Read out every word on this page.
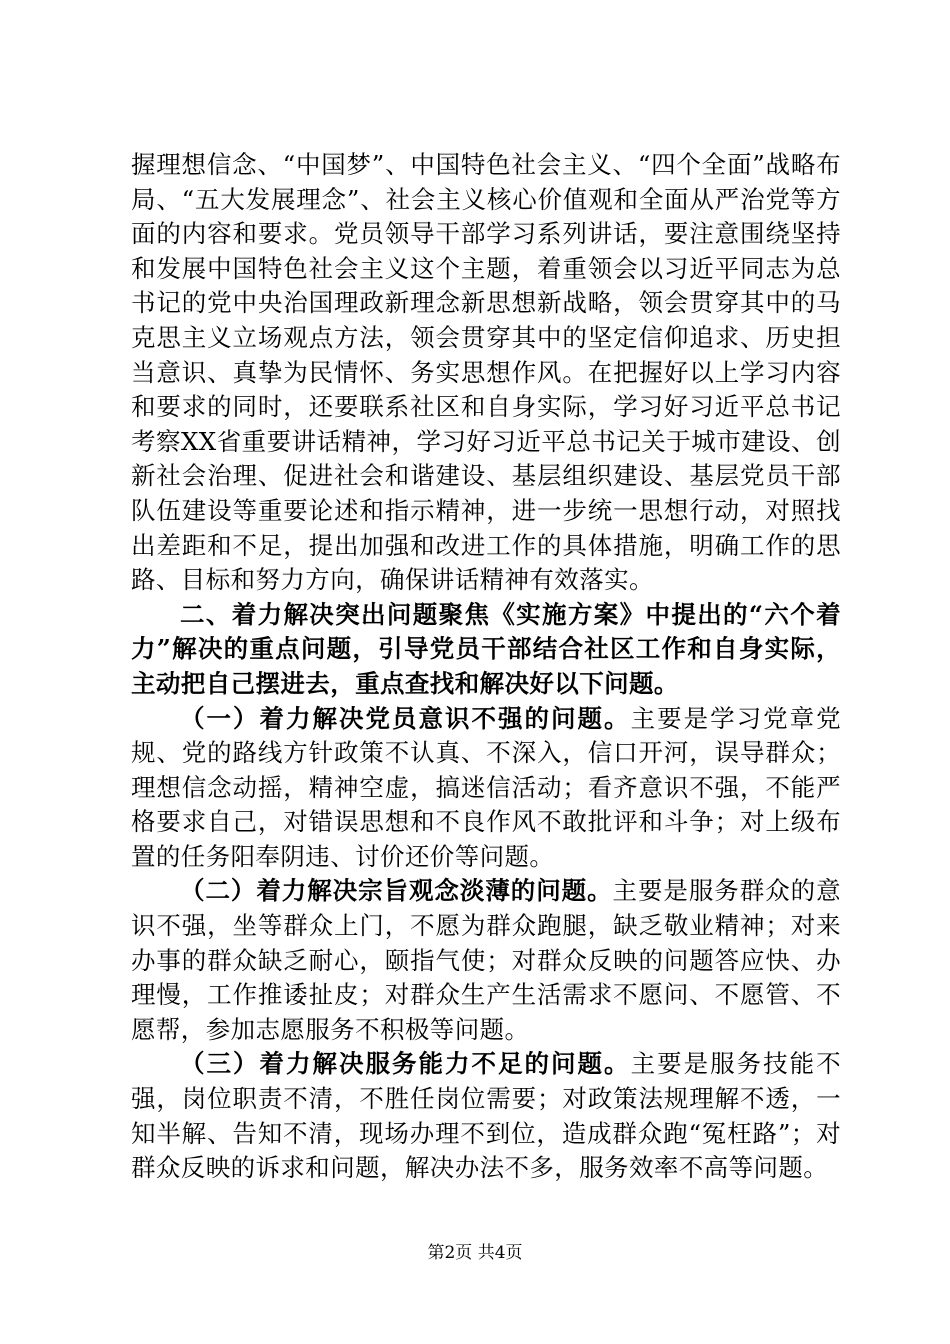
握理想信念、“中国梦”、中国特色社会主义、“四个全面”战略布局、“五大发展理念”、社会主义核心价值观和全面从严治党等方面的内容和要求。党员领导干部学习系列讲话，要注意围绕坚持和发展中国特色社会主义这个主题，着重领会以习近平同志为总书记的党中央治国理政新理念新思想新战略，领会贯穿其中的马克思主义立场观点方法，领会贯穿其中的坚定信仰追求、历史担当意识、真挚为民情怀、务实思想作风。在把握好以上学习内容和要求的同时，还要联系社区和自身实际，学习好习近平总书记考察XX省重要讲话精神，学习好习近平总书记关于城市建设、创新社会治理、促进社会和谐建设、基层组织建设、基层党员干部队伍建设等重要论述和指示精神，进一步统一思想行动，对照找出差距和不足，提出加强和改进工作的具体措施，明确工作的思路、目标和努力方向，确保讲话精神有效落实。

二、着力解决突出问题聚焦《实施方案》中提出的“六个着力”解决的重点问题，引导党员干部结合社区工作和自身实际，主动把自己摆进去，重点查找和解决好以下问题。

（一）着力解决党员意识不强的问题。主要是学习党章党规、党的路线方针政策不认真、不深入，信口开河，误导群众；理想信念动摇，精神空虚，搞迷信活动；看齐意识不强，不能严格要求自己，对错误思想和不良作风不敢批评和斗争；对上级布置的任务阳奉阴违、讨价还价等问题。

（二）着力解决宗旨观念淡薄的问题。主要是服务群众的意识不强，坐等群众上门，不愿为群众跑腿，缺乏敬业精神；对来办事的群众缺乏耐心，颐指气使；对群众反映的问题答应快、办理慢，工作推诿扯皮；对群众生产生活需求不愿问、不愿管、不愿帮，参加志愿服务不积极等问题。

（三）着力解决服务能力不足的问题。主要是服务技能不强，岗位职责不清，不胜任岗位需要；对政策法规理解不透，一知半解、告知不清，现场办理不到位，造成群众跑“冤枉路”；对群众反映的诉求和问题，解决办法不多，服务效率不高等问题。

第2页 共4页
